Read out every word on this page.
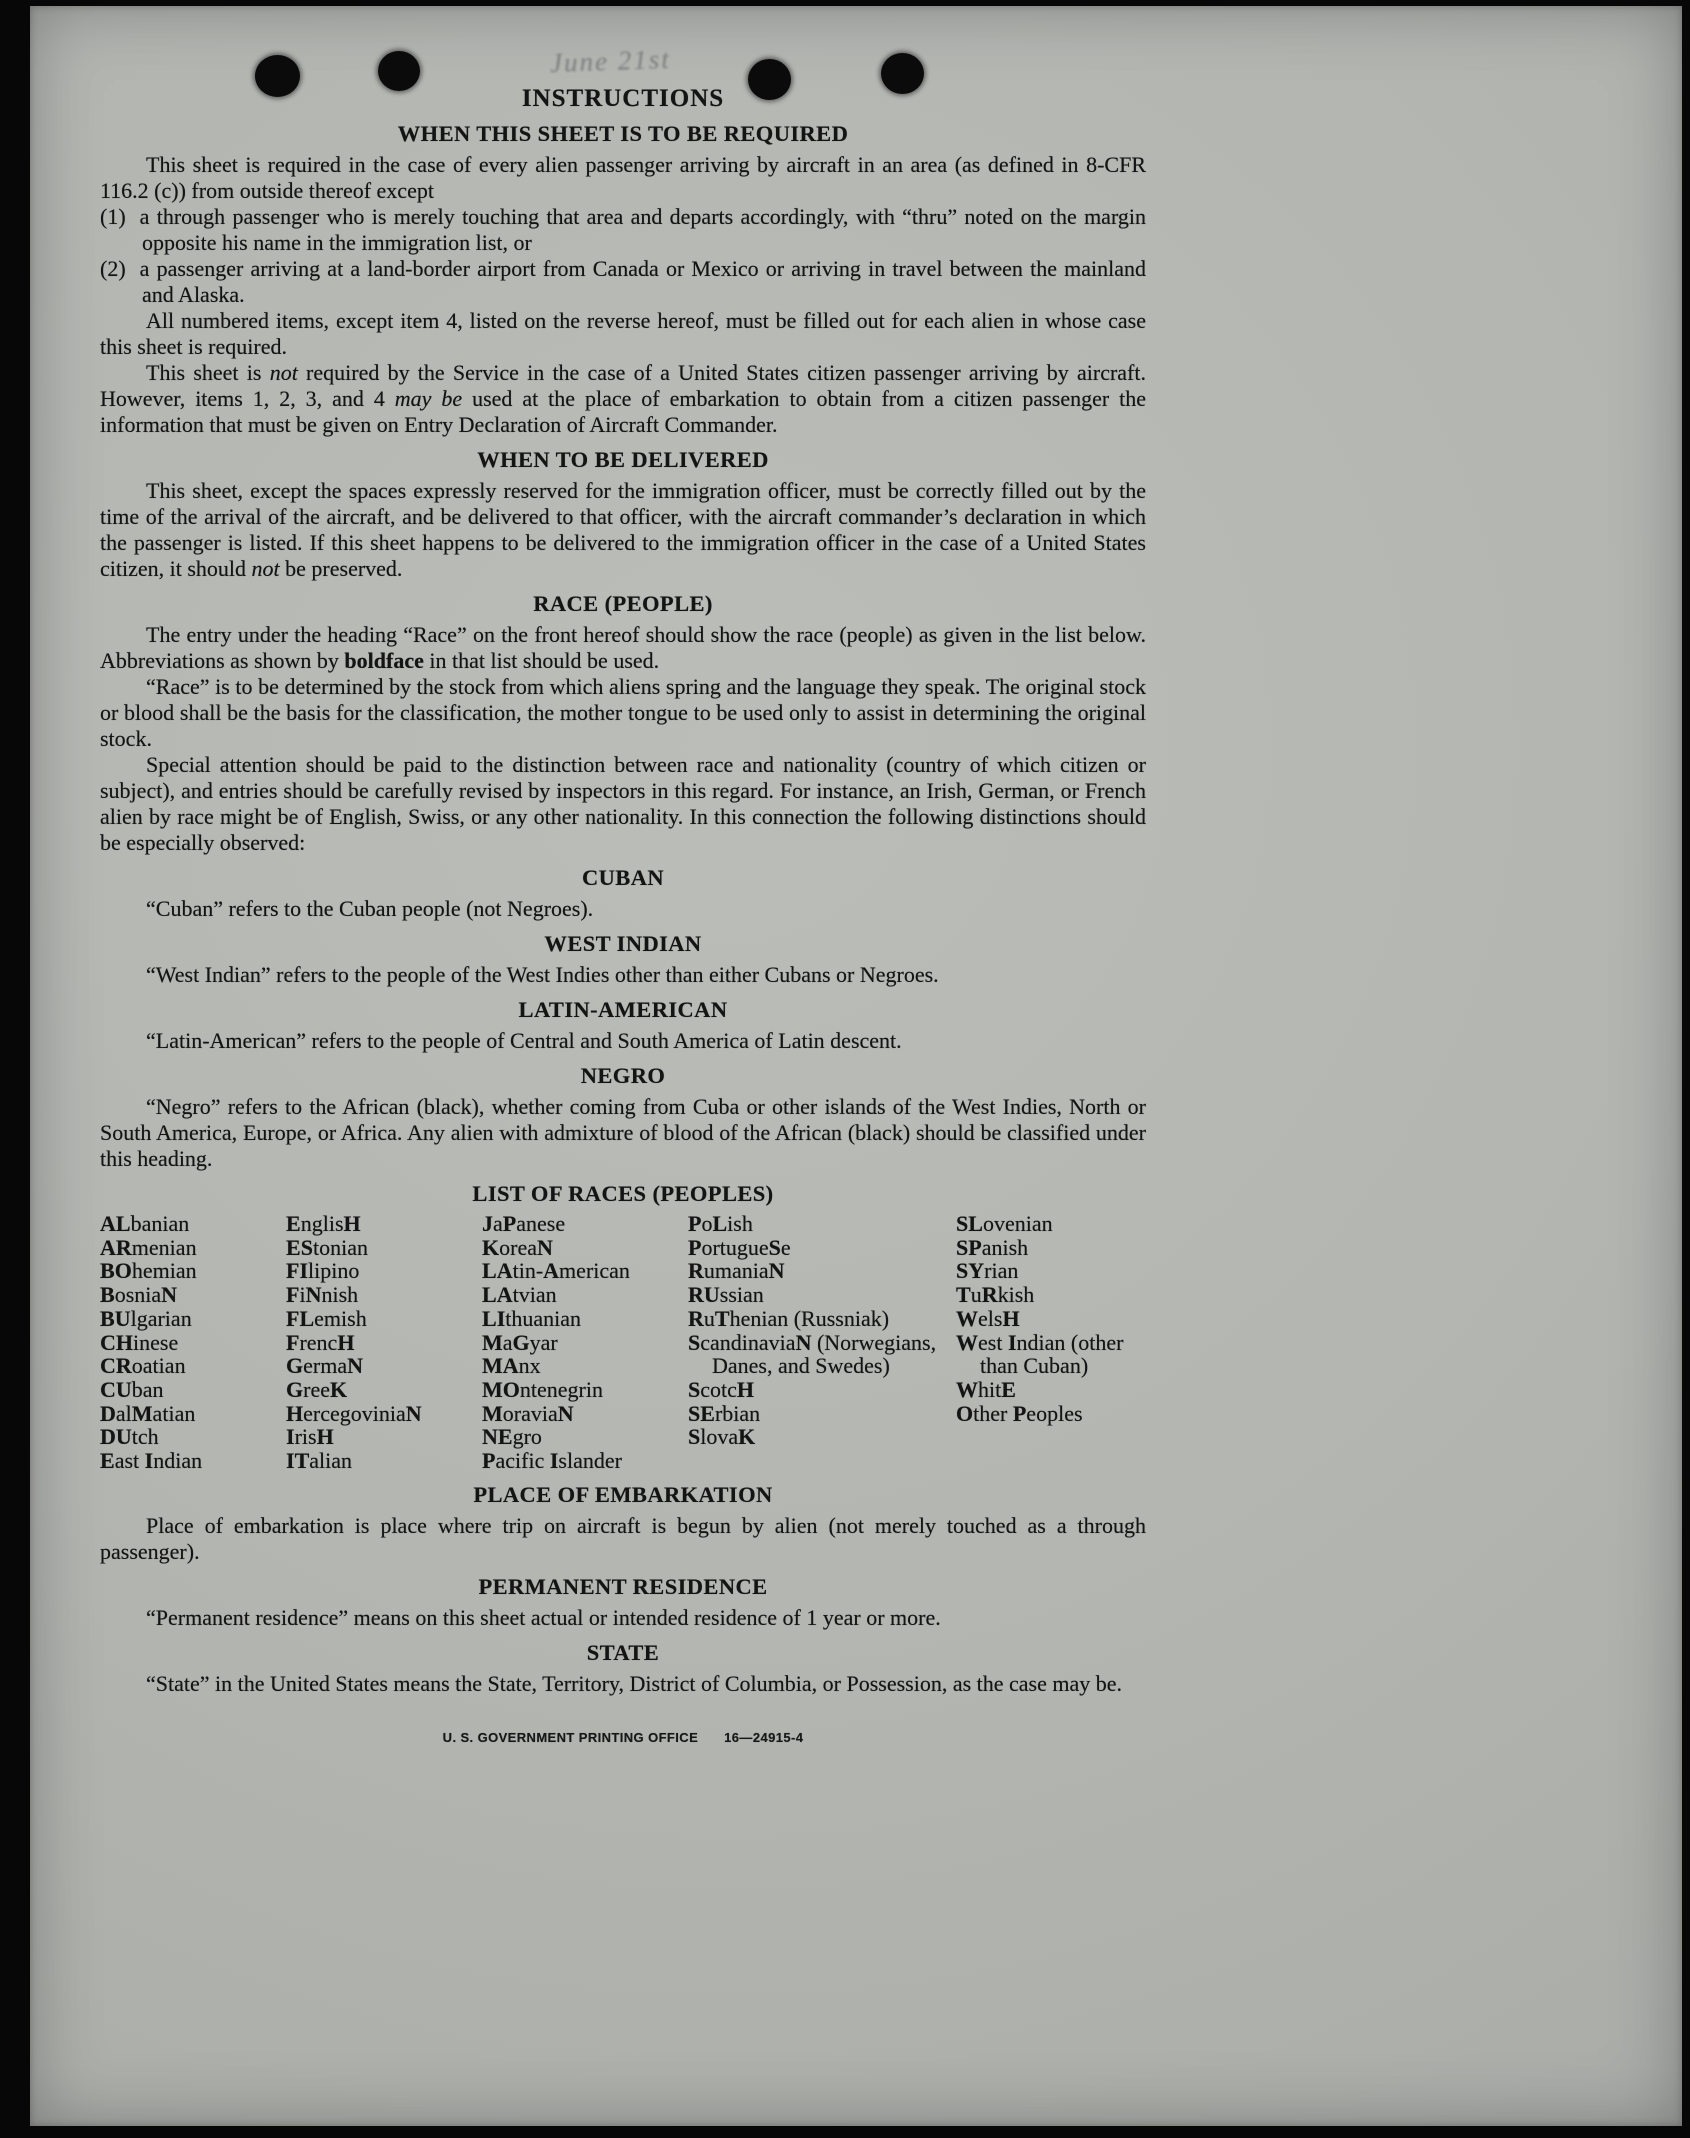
June 21st
INSTRUCTIONS
WHEN THIS SHEET IS TO BE REQUIRED

This sheet is required in the case of every alien passenger arriving by aircraft in an area (as defined in 8-CFR 116.2 (c)) from outside thereof except

(1) a through passenger who is merely touching that area and departs accordingly, with “thru” noted on the margin opposite his name in the immigration list, or

(2) a passenger arriving at a land-border airport from Canada or Mexico or arriving in travel between the mainland and Alaska.

All numbered items, except item 4, listed on the reverse hereof, must be filled out for each alien in whose case this sheet is required.

This sheet is not required by the Service in the case of a United States citizen passenger arriving by aircraft. However, items 1, 2, 3, and 4 may be used at the place of embarkation to obtain from a citizen passenger the information that must be given on Entry Declaration of Aircraft Commander.

WHEN TO BE DELIVERED

This sheet, except the spaces expressly reserved for the immigration officer, must be correctly filled out by the time of the arrival of the aircraft, and be delivered to that officer, with the aircraft commander’s declaration in which the passenger is listed. If this sheet happens to be delivered to the immigration officer in the case of a United States citizen, it should not be preserved.

RACE (PEOPLE)

The entry under the heading “Race” on the front hereof should show the race (people) as given in the list below. Abbreviations as shown by boldface in that list should be used.

“Race” is to be determined by the stock from which aliens spring and the language they speak. The original stock or blood shall be the basis for the classification, the mother tongue to be used only to assist in determining the original stock.

Special attention should be paid to the distinction between race and nationality (country of which citizen or subject), and entries should be carefully revised by inspectors in this regard. For instance, an Irish, German, or French alien by race might be of English, Swiss, or any other nationality. In this connection the following distinctions should be especially observed:

CUBAN

“Cuban” refers to the Cuban people (not Negroes).

WEST INDIAN

“West Indian” refers to the people of the West Indies other than either Cubans or Negroes.

LATIN-AMERICAN

“Latin-American” refers to the people of Central and South America of Latin descent.

NEGRO

“Negro” refers to the African (black), whether coming from Cuba or other islands of the West Indies, North or South America, Europe, or Africa. Any alien with admixture of blood of the African (black) should be classified under this heading.

LIST OF RACES (PEOPLES)
ALbanian
ARmenian
BOhemian
BosniaN
BUlgarian
CHinese
CRoatian
CUban
DalMatian
DUtch
East Indian
EnglisH
EStonian
FIlipino
FiNnish
FLemish
FrencH
GermaN
GreeK
HercegoviniaN
IrisH
ITalian
JaPanese
KoreaN
LAtin-American
LAtvian
LIthuanian
MaGyar
MAnx
MOntenegrin
MoraviaN
NEgro
Pacific Islander
PoLish
PortugueSe
RumaniaN
RUssian
RuThenian (Russniak)
ScandinaviaN (Norwegians, Danes, and Swedes)
ScotcH
SErbian
SlovaK
SLovenian
SPanish
SYrian
TuRkish
WelsH
West Indian (other than Cuban)
WhitE
Other Peoples
PLACE OF EMBARKATION

Place of embarkation is place where trip on aircraft is begun by alien (not merely touched as a through passenger).

PERMANENT RESIDENCE

“Permanent residence” means on this sheet actual or intended residence of 1 year or more.

STATE

“State” in the United States means the State, Territory, District of Columbia, or Possession, as the case may be.

U. S. GOVERNMENT PRINTING OFFICE 16—24915-4
